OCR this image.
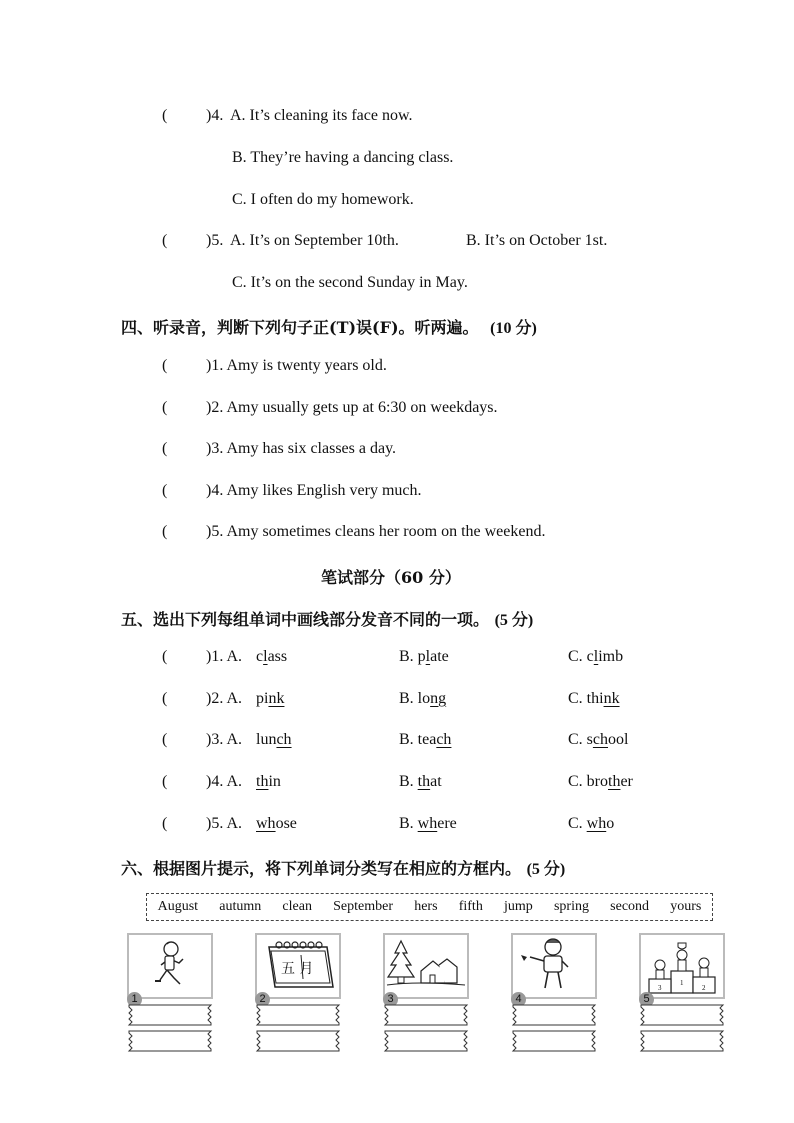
( )4. A. It’s cleaning its face now.
B. They’re having a dancing class.
C. I often do my homework.
( )5. A. It’s on September 10th.	B. It’s on October 1st.
C. It’s on the second Sunday in May.
四、听录音，判断下列句子正(T)误(F)。听两遍。 (10 分)
( )1. Amy is twenty years old.
( )2. Amy usually gets up at 6:30 on weekdays.
( )3. Amy has six classes a day.
( )4. Amy likes English very much.
( )5. Amy sometimes cleans her room on the weekend.
笔试部分（60 分）
五、选出下列每组单词中画线部分发音不同的一项。 (5 分)
( )1. A. class	B. plate	C. climb
( )2. A. pink	B. long	C. think
( )3. A. lunch	B. teach	C. school
( )4. A. thin	B. that	C. brother
( )5. A. whose	B. where	C. who
六、根据图片提示，将下列单词分类写在相应的方框内。 (5 分)
August autumn clean September hers fifth jump spring second yours
1
五 月
2	3	4
1
3	2
5
